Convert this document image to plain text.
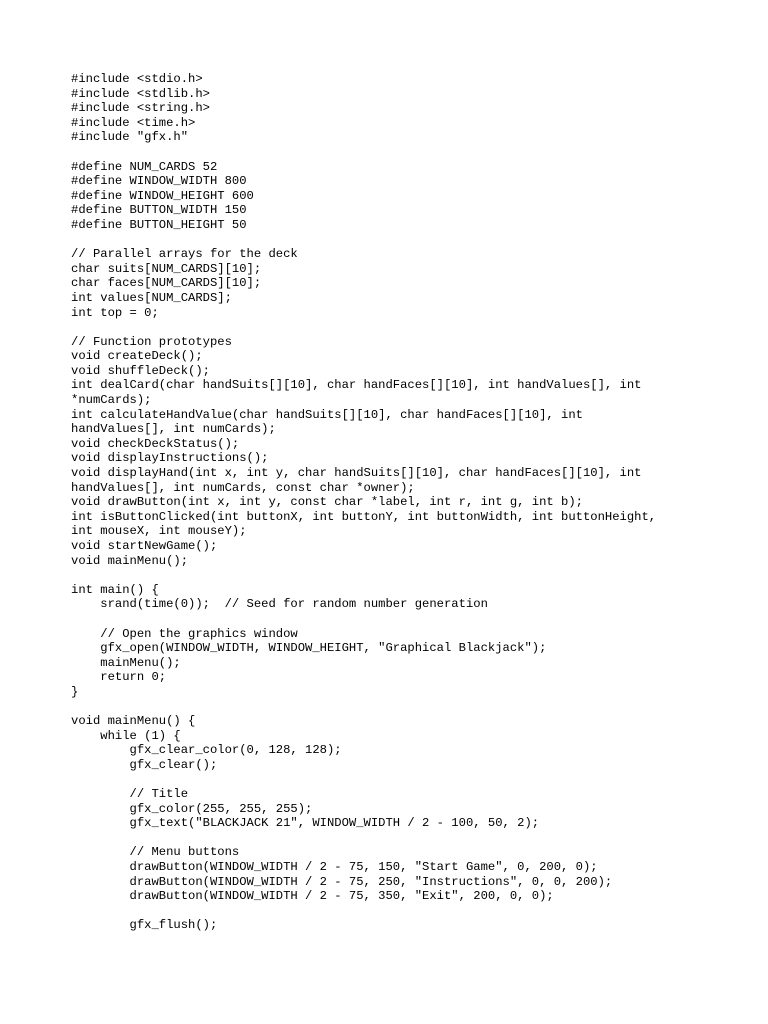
#include <stdio.h>
#include <stdlib.h>
#include <string.h>
#include <time.h>
#include "gfx.h"
#define NUM_CARDS 52
#define WINDOW_WIDTH 800
#define WINDOW_HEIGHT 600
#define BUTTON_WIDTH 150
#define BUTTON_HEIGHT 50
// Parallel arrays for the deck
char suits[NUM_CARDS][10];
char faces[NUM_CARDS][10];
int values[NUM_CARDS];
int top = 0;
// Function prototypes
void createDeck();
void shuffleDeck();
int dealCard(char handSuits[][10], char handFaces[][10], int handValues[], int
*numCards);
int calculateHandValue(char handSuits[][10], char handFaces[][10], int
handValues[], int numCards);
void checkDeckStatus();
void displayInstructions();
void displayHand(int x, int y, char handSuits[][10], char handFaces[][10], int
handValues[], int numCards, const char *owner);
void drawButton(int x, int y, const char *label, int r, int g, int b);
int isButtonClicked(int buttonX, int buttonY, int buttonWidth, int buttonHeight,
int mouseX, int mouseY);
void startNewGame();
void mainMenu();
int main() {
srand(time(0));  // Seed for random number generation
// Open the graphics window
gfx_open(WINDOW_WIDTH, WINDOW_HEIGHT, "Graphical Blackjack");
mainMenu();
return 0;
}
void mainMenu() {
while (1) {
gfx_clear_color(0, 128, 128);
gfx_clear();
// Title
gfx_color(255, 255, 255);
gfx_text("BLACKJACK 21", WINDOW_WIDTH / 2 - 100, 50, 2);
// Menu buttons
drawButton(WINDOW_WIDTH / 2 - 75, 150, "Start Game", 0, 200, 0);
drawButton(WINDOW_WIDTH / 2 - 75, 250, "Instructions", 0, 0, 200);
drawButton(WINDOW_WIDTH / 2 - 75, 350, "Exit", 200, 0, 0);
gfx_flush();
